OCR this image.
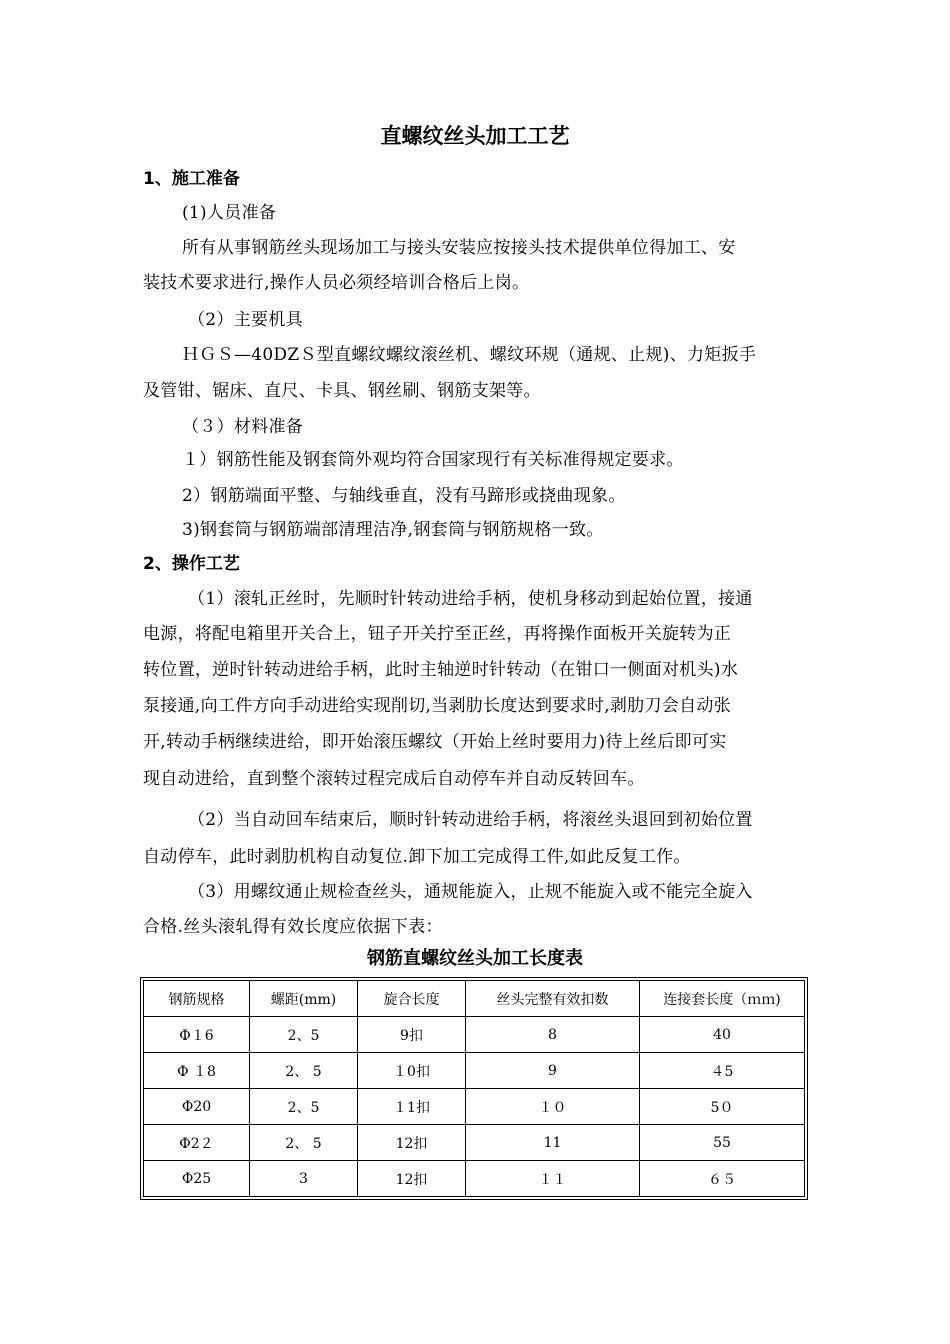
直螺纹丝头加工工艺
1、施工准备
(1)人员准备
所有从事钢筋丝头现场加工与接头安装应按接头技术提供单位得加工、安
装技术要求进行,操作人员必须经培训合格后上岗。
（2）主要机具
ＨＧＳ—40DZＳ型直螺纹螺纹滚丝机、螺纹环规（通规、止规)、力矩扳手
及管钳、锯床、直尺、卡具、钢丝刷、钢筋支架等。
（３）材料准备
１）钢筋性能及钢套筒外观均符合国家现行有关标准得规定要求。
2）钢筋端面平整、与轴线垂直，没有马蹄形或挠曲现象。
3)钢套筒与钢筋端部清理洁净,钢套筒与钢筋规格一致。
2、操作工艺
（1）滚轧正丝时，先顺时针转动进给手柄，使机身移动到起始位置，接通
电源，将配电箱里开关合上，钮子开关拧至正丝，再将操作面板开关旋转为正
转位置，逆时针转动进给手柄，此时主轴逆时针转动（在钳口一侧面对机头)水
泵接通,向工件方向手动进给实现削切,当剥肋长度达到要求时,剥肋刀会自动张
开,转动手柄继续进给，即开始滚压螺纹（开始上丝时要用力)待上丝后即可实
现自动进给，直到整个滚转过程完成后自动停车并自动反转回车。
（2）当自动回车结束后，顺时针转动进给手柄，将滚丝头退回到初始位置
自动停车，此时剥肋机构自动复位.卸下加工完成得工件,如此反复工作。
（3）用螺纹通止规检查丝头，通规能旋入，止规不能旋入或不能完全旋入
合格.丝头滚轧得有效长度应依据下表：
钢筋直螺纹丝头加工长度表
钢筋规格	螺距(mm)	旋合长度	丝头完整有效扣数	连接套长度（ｍｍ)
Φ１6	2、5	9扣	8	40
Φ １8	2、 5	１0扣	9	４5
Φ20	2、5	１1扣	１０	5０
Φ2２	2、 5	12扣	11	55
Φ25	3	12扣	１１	６５
